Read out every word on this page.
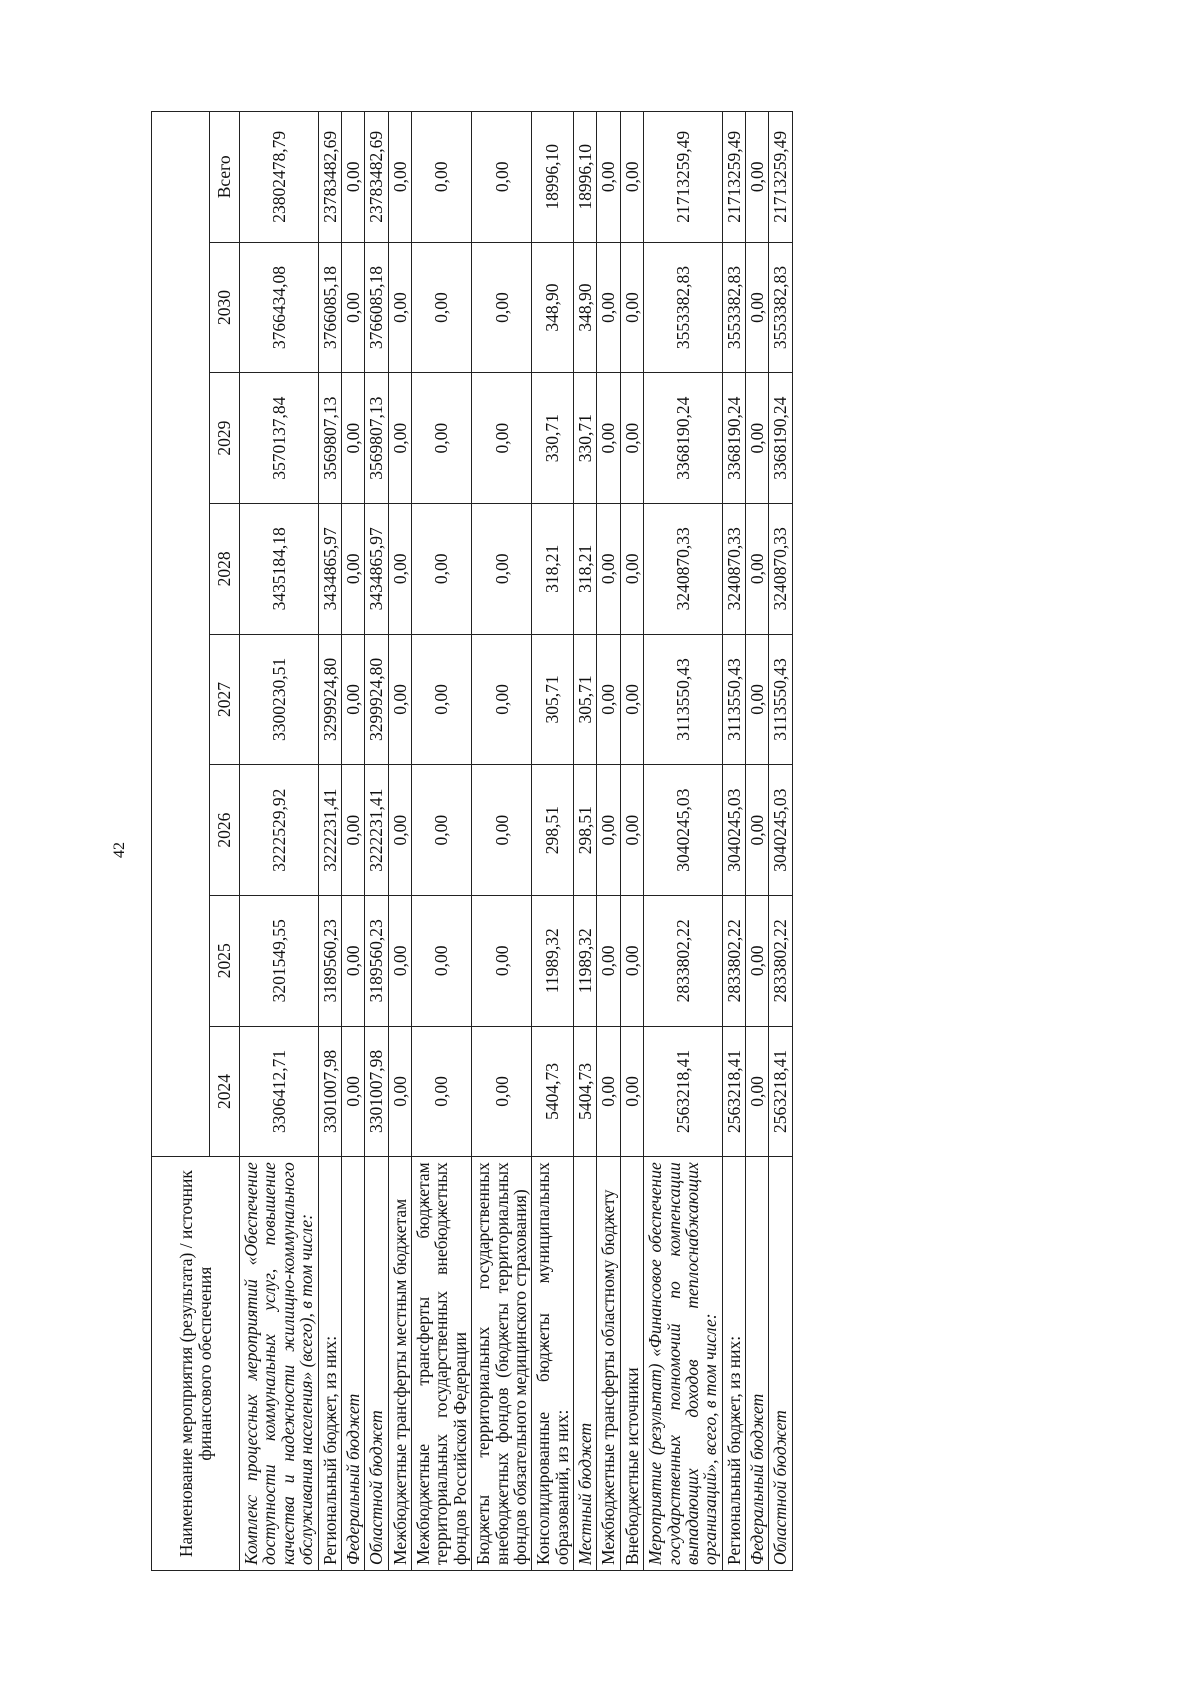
42
Наименование мероприятия (результата) / источник финансового обеспечения								
	2024	2025	2026	2027	2028	2029	2030	Всего
Комплекс процессных мероприятий «Обеспечение доступности коммунальных услуг, повышение качества и надежности жилищно-коммунального обслуживания населения» (всего), в том числе:	3306412,71	3201549,55	3222529,92	3300230,51	3435184,18	3570137,84	3766434,08	23802478,79
Региональный бюджет, из них:	3301007,98	3189560,23	3222231,41	3299924,80	3434865,97	3569807,13	3766085,18	23783482,69
Федеральный бюджет	0,00	0,00	0,00	0,00	0,00	0,00	0,00	0,00
Областной бюджет	3301007,98	3189560,23	3222231,41	3299924,80	3434865,97	3569807,13	3766085,18	23783482,69
Межбюджетные трансферты местным бюджетам	0,00	0,00	0,00	0,00	0,00	0,00	0,00	0,00
Межбюджетные трансферты бюджетам территориальных государственных внебюджетных фондов Российской Федерации	0,00	0,00	0,00	0,00	0,00	0,00	0,00	0,00
Бюджеты территориальных государственных внебюджетных фондов (бюджеты территориальных фондов обязательного медицинского страхования)	0,00	0,00	0,00	0,00	0,00	0,00	0,00	0,00
Консолидированные бюджеты муниципальных образований, из них:	5404,73	11989,32	298,51	305,71	318,21	330,71	348,90	18996,10
Местный бюджет	5404,73	11989,32	298,51	305,71	318,21	330,71	348,90	18996,10
Межбюджетные трансферты областному бюджету	0,00	0,00	0,00	0,00	0,00	0,00	0,00	0,00
Внебюджетные источники	0,00	0,00	0,00	0,00	0,00	0,00	0,00	0,00
Мероприятие (результат) «Финансовое обеспечение государственных полномочий по компенсации выпадающих доходов теплоснабжающих организаций», всего, в том числе:	2563218,41	2833802,22	3040245,03	3113550,43	3240870,33	3368190,24	3553382,83	21713259,49
Региональный бюджет, из них:	2563218,41	2833802,22	3040245,03	3113550,43	3240870,33	3368190,24	3553382,83	21713259,49
Федеральный бюджет	0,00	0,00	0,00	0,00	0,00	0,00	0,00	0,00
Областной бюджет	2563218,41	2833802,22	3040245,03	3113550,43	3240870,33	3368190,24	3553382,83	21713259,49
